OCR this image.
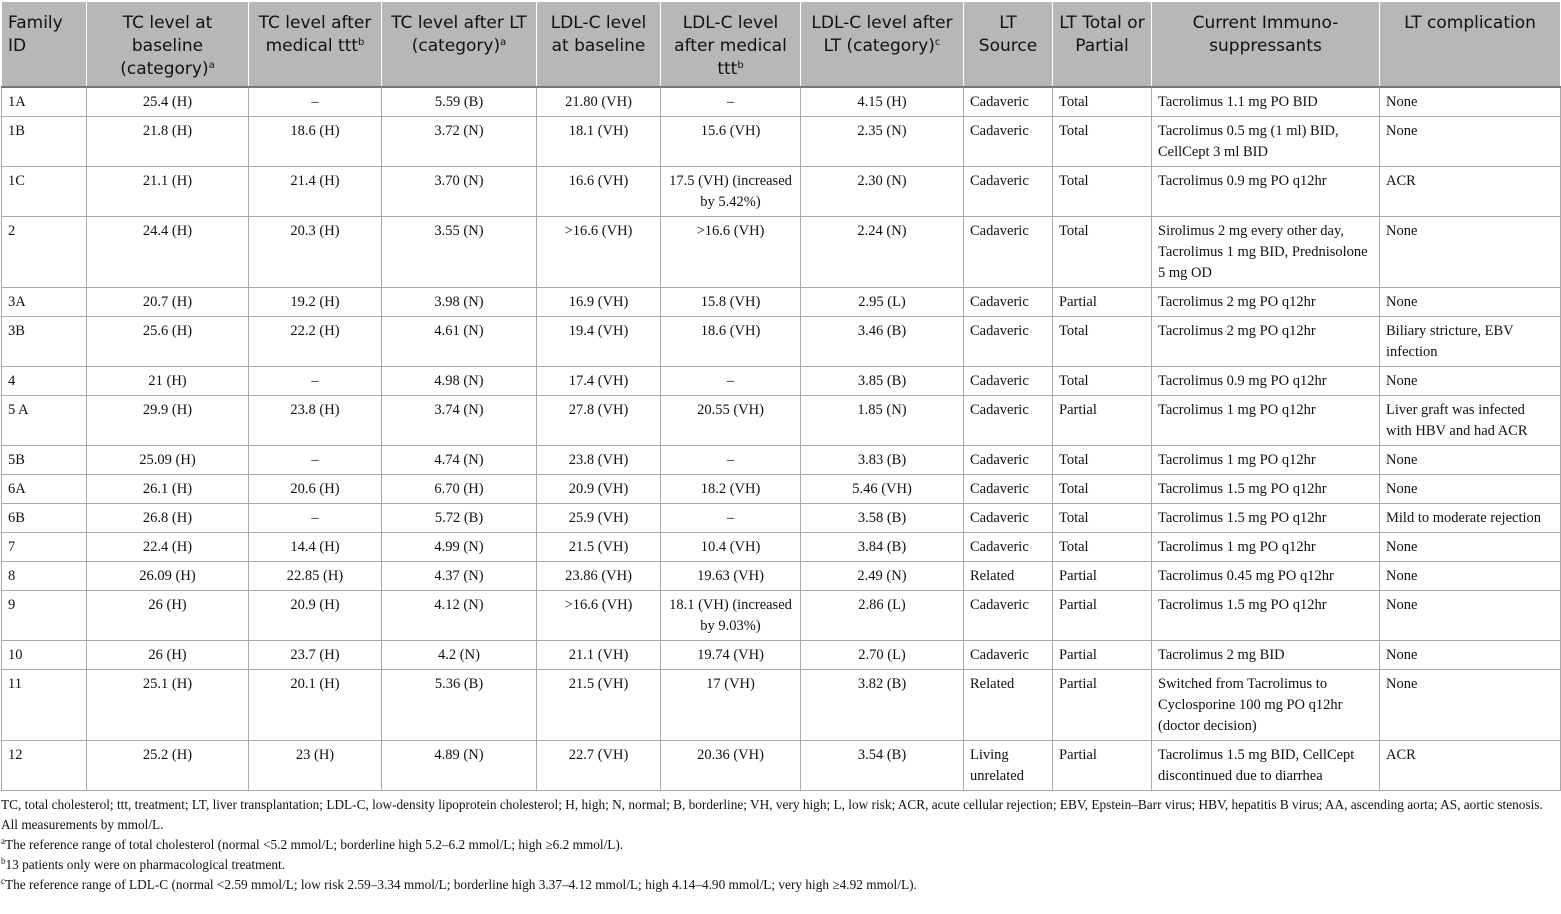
Family ID	TC level at baseline (category)$^a$	TC level after medical ttt$^b$	TC level after LT (category)$^a$	LDL-C level at baseline	LDL-C level after medical ttt$^b$	LDL-C level after LT (category)$^c$	LT Source	LT Total or Partial	Current Immuno-suppressants	LT complication
1A	25.4 (H)	–	5.59 (B)	21.80 (VH)	–	4.15 (H)	Cadaveric	Total	Tacrolimus 1.1 mg PO BID	None
1B	21.8 (H)	18.6 (H)	3.72 (N)	18.1 (VH)	15.6 (VH)	2.35 (N)	Cadaveric	Total	Tacrolimus 0.5 mg (1 ml) BID, CellCept 3 ml BID	None
1C	21.1 (H)	21.4 (H)	3.70 (N)	16.6 (VH)	17.5 (VH) (increased by 5.42%)	2.30 (N)	Cadaveric	Total	Tacrolimus 0.9 mg PO q12hr	ACR
2	24.4 (H)	20.3 (H)	3.55 (N)	>16.6 (VH)	>16.6 (VH)	2.24 (N)	Cadaveric	Total	Sirolimus 2 mg every other day, Tacrolimus 1 mg BID, Prednisolone 5 mg OD	None
3A	20.7 (H)	19.2 (H)	3.98 (N)	16.9 (VH)	15.8 (VH)	2.95 (L)	Cadaveric	Partial	Tacrolimus 2 mg PO q12hr	None
3B	25.6 (H)	22.2 (H)	4.61 (N)	19.4 (VH)	18.6 (VH)	3.46 (B)	Cadaveric	Total	Tacrolimus 2 mg PO q12hr	Biliary stricture, EBV infection
4	21 (H)	–	4.98 (N)	17.4 (VH)	–	3.85 (B)	Cadaveric	Total	Tacrolimus 0.9 mg PO q12hr	None
5 A	29.9 (H)	23.8 (H)	3.74 (N)	27.8 (VH)	20.55 (VH)	1.85 (N)	Cadaveric	Partial	Tacrolimus 1 mg PO q12hr	Liver graft was infected with HBV and had ACR
5B	25.09 (H)	–	4.74 (N)	23.8 (VH)	–	3.83 (B)	Cadaveric	Total	Tacrolimus 1 mg PO q12hr	None
6A	26.1 (H)	20.6 (H)	6.70 (H)	20.9 (VH)	18.2 (VH)	5.46 (VH)	Cadaveric	Total	Tacrolimus 1.5 mg PO q12hr	None
6B	26.8 (H)	–	5.72 (B)	25.9 (VH)	–	3.58 (B)	Cadaveric	Total	Tacrolimus 1.5 mg PO q12hr	Mild to moderate rejection
7	22.4 (H)	14.4 (H)	4.99 (N)	21.5 (VH)	10.4 (VH)	3.84 (B)	Cadaveric	Total	Tacrolimus 1 mg PO q12hr	None
8	26.09 (H)	22.85 (H)	4.37 (N)	23.86 (VH)	19.63 (VH)	2.49 (N)	Related	Partial	Tacrolimus 0.45 mg PO q12hr	None
9	26 (H)	20.9 (H)	4.12 (N)	>16.6 (VH)	18.1 (VH) (increased by 9.03%)	2.86 (L)	Cadaveric	Partial	Tacrolimus 1.5 mg PO q12hr	None
10	26 (H)	23.7 (H)	4.2 (N)	21.1 (VH)	19.74 (VH)	2.70 (L)	Cadaveric	Partial	Tacrolimus 2 mg BID	None
11	25.1 (H)	20.1 (H)	5.36 (B)	21.5 (VH)	17 (VH)	3.82 (B)	Related	Partial	Switched from Tacrolimus to Cyclosporine 100 mg PO q12hr (doctor decision)	None
12	25.2 (H)	23 (H)	4.89 (N)	22.7 (VH)	20.36 (VH)	3.54 (B)	Living unrelated	Partial	Tacrolimus 1.5 mg BID, CellCept discontinued due to diarrhea	ACR

TC, total cholesterol; ttt, treatment; LT, liver transplantation; LDL-C, low-density lipoprotein cholesterol; H, high; N, normal; B, borderline; VH, very high; L, low risk; ACR, acute cellular rejection; EBV, Epstein–Barr virus; HBV, hepatitis B virus; AA, ascending aorta; AS, aortic stenosis.

All measurements by mmol/L.

$^a$The reference range of total cholesterol (normal <5.2 mmol/L; borderline high 5.2–6.2 mmol/L; high ≥6.2 mmol/L).

$^b$13 patients only were on pharmacological treatment.

$^c$The reference range of LDL-C (normal <2.59 mmol/L; low risk 2.59–3.34 mmol/L; borderline high 3.37–4.12 mmol/L; high 4.14–4.90 mmol/L; very high ≥4.92 mmol/L).
